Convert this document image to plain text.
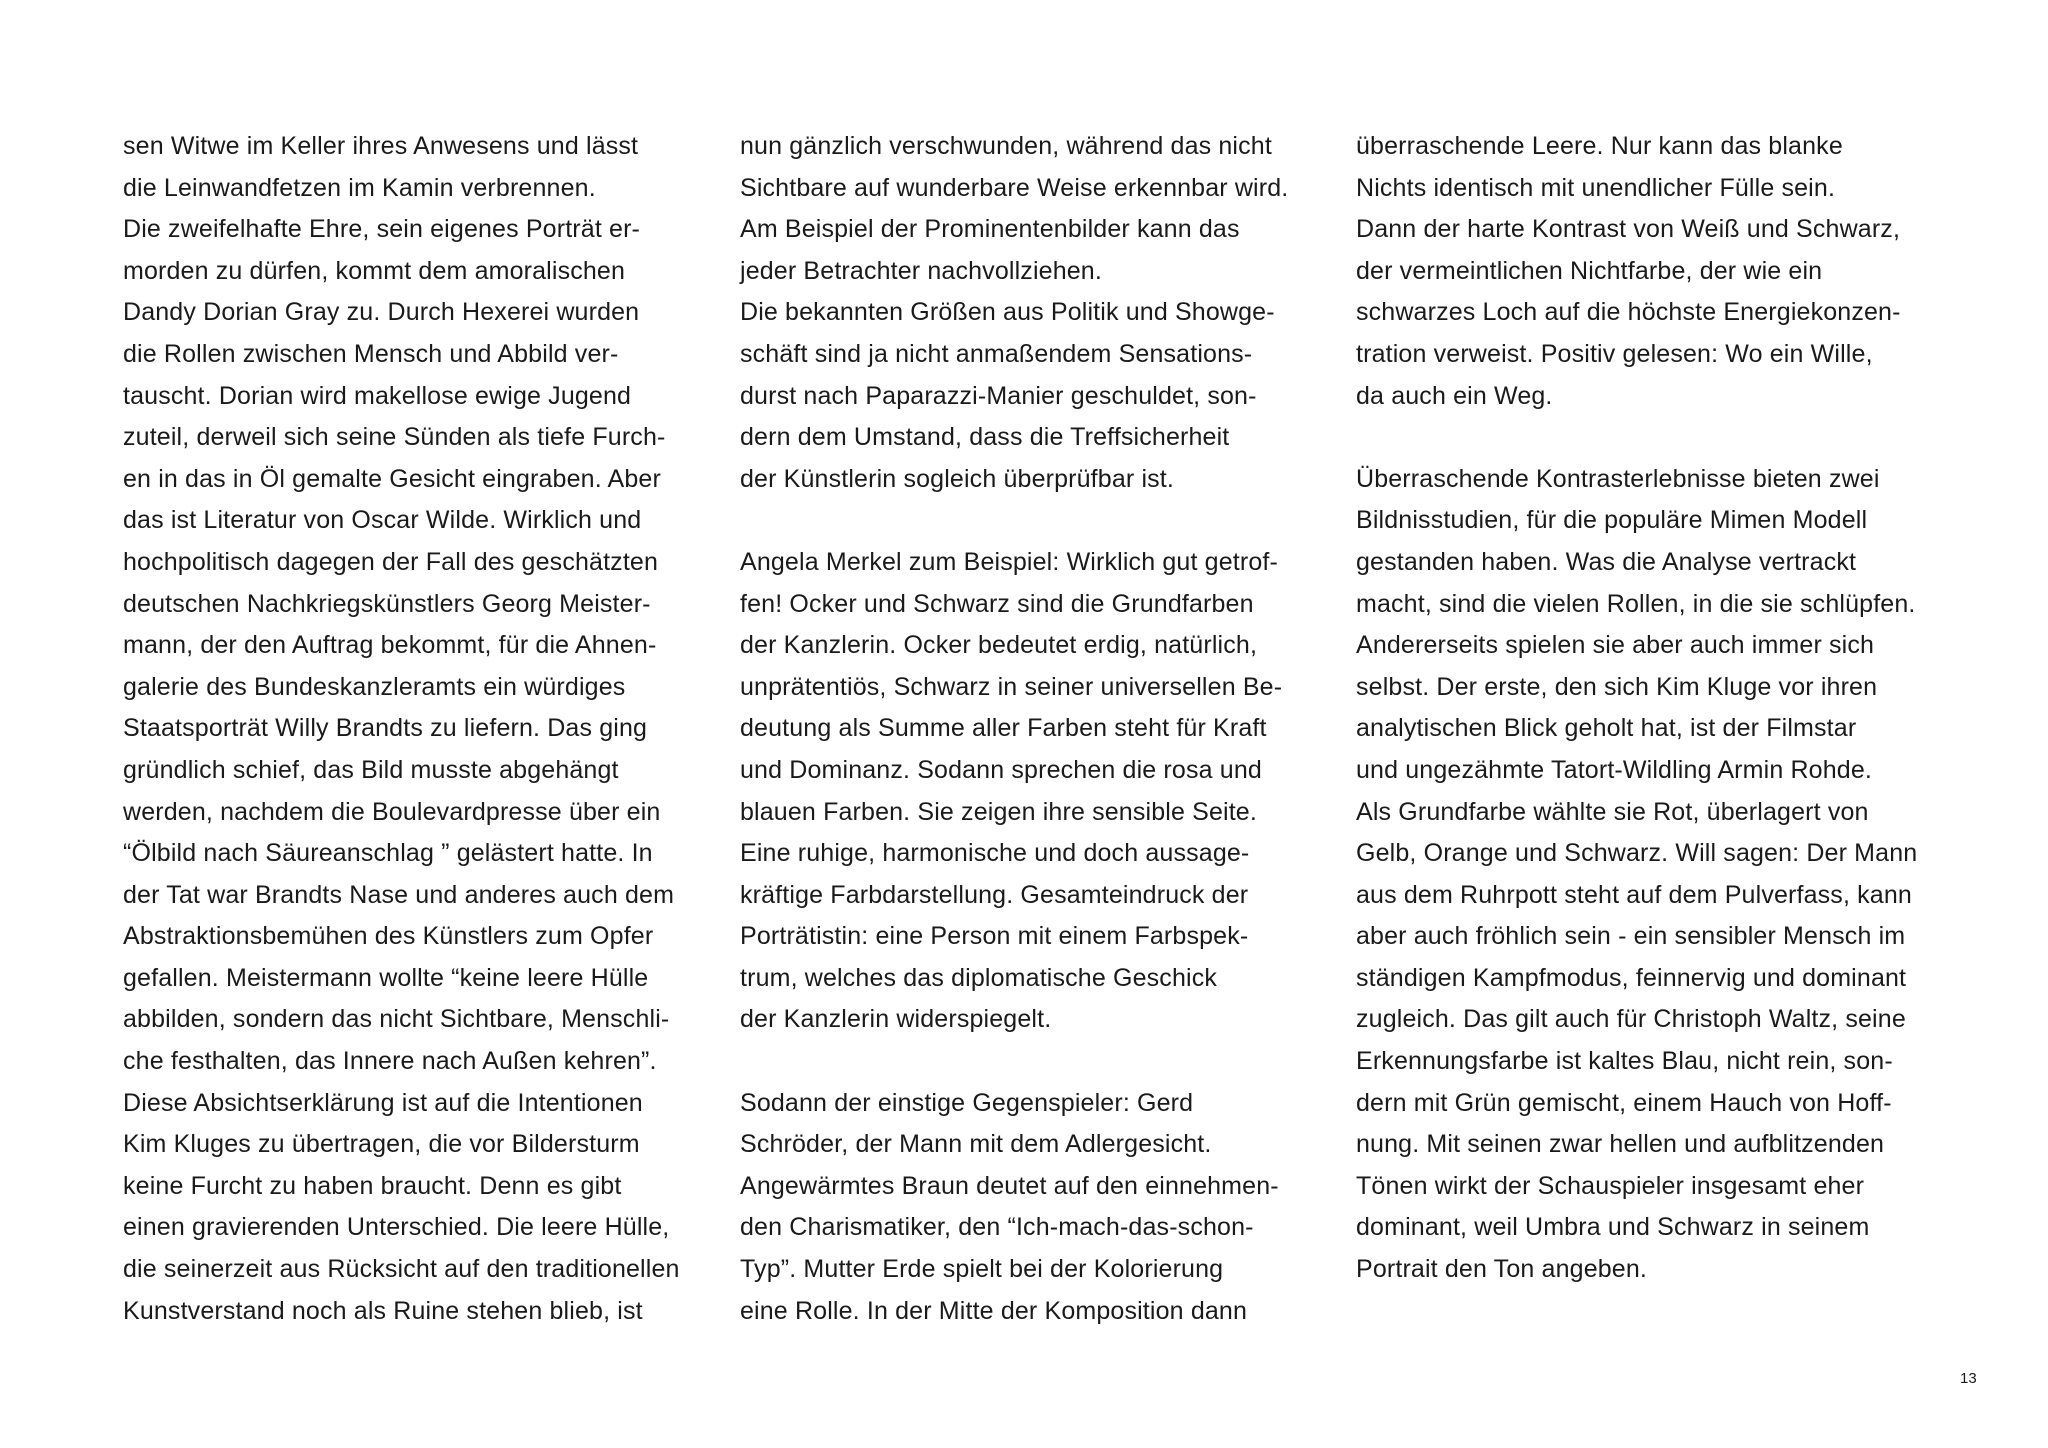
sen Witwe im Keller ihres Anwesens und lässt
die Leinwandfetzen im Kamin verbrennen.
Die zweifelhafte Ehre, sein eigenes Porträt er-
morden zu dürfen, kommt dem amoralischen
Dandy Dorian Gray zu. Durch Hexerei wurden
die Rollen zwischen Mensch und Abbild ver-
tauscht. Dorian wird makellose ewige Jugend
zuteil, derweil sich seine Sünden als tiefe Furch-
en in das in Öl gemalte Gesicht eingraben. Aber
das ist Literatur von Oscar Wilde. Wirklich und
hochpolitisch dagegen der Fall des geschätzten
deutschen Nachkriegskünstlers Georg Meister-
mann, der den Auftrag bekommt, für die Ahnen-
galerie des Bundeskanzleramts ein würdiges
Staatsporträt Willy Brandts zu liefern. Das ging
gründlich schief, das Bild musste abgehängt
werden, nachdem die Boulevardpresse über ein
“Ölbild nach Säureanschlag ” gelästert hatte. In
der Tat war Brandts Nase und anderes auch dem
Abstraktionsbemühen des Künstlers zum Opfer
gefallen. Meistermann wollte “keine leere Hülle
abbilden, sondern das nicht Sichtbare, Menschli-
che festhalten, das Innere nach Außen kehren”.
Diese Absichtserklärung ist auf die Intentionen
Kim Kluges zu übertragen, die vor Bildersturm
keine Furcht zu haben braucht. Denn es gibt
einen gravierenden Unterschied. Die leere Hülle,
die seinerzeit aus Rücksicht auf den traditionellen
Kunstverstand noch als Ruine stehen blieb, ist
nun gänzlich verschwunden, während das nicht
Sichtbare auf wunderbare Weise erkennbar wird.
Am Beispiel der Prominentenbilder kann das
jeder Betrachter nachvollziehen.
Die bekannten Größen aus Politik und Showge-
schäft sind ja nicht anmaßendem Sensations-
durst nach Paparazzi-Manier geschuldet, son-
dern dem Umstand, dass die Treffsicherheit
der Künstlerin sogleich überprüfbar ist.
Angela Merkel zum Beispiel: Wirklich gut getrof-
fen! Ocker und Schwarz sind die Grundfarben
der Kanzlerin. Ocker bedeutet erdig, natürlich,
unprätentiös, Schwarz in seiner universellen Be-
deutung als Summe aller Farben steht für Kraft
und Dominanz. Sodann sprechen die rosa und
blauen Farben. Sie zeigen ihre sensible Seite.
Eine ruhige, harmonische und doch aussage-
kräftige Farbdarstellung. Gesamteindruck der
Porträtistin: eine Person mit einem Farbspek-
trum, welches das diplomatische Geschick
der Kanzlerin widerspiegelt.
Sodann der einstige Gegenspieler: Gerd
Schröder, der Mann mit dem Adlergesicht.
Angewärmtes Braun deutet auf den einnehmen-
den Charismatiker, den “Ich-mach-das-schon-
Typ”. Mutter Erde spielt bei der Kolorierung
eine Rolle. In der Mitte der Komposition dann
überraschende Leere. Nur kann das blanke
Nichts identisch mit unendlicher Fülle sein.
Dann der harte Kontrast von Weiß und Schwarz,
der vermeintlichen Nichtfarbe, der wie ein
schwarzes Loch auf die höchste Energiekonzen-
tration verweist. Positiv gelesen: Wo ein Wille,
da auch ein Weg.
Überraschende Kontrasterlebnisse bieten zwei
Bildnisstudien, für die populäre Mimen Modell
gestanden haben. Was die Analyse vertrackt
macht, sind die vielen Rollen, in die sie schlüpfen.
Andererseits spielen sie aber auch immer sich
selbst. Der erste, den sich Kim Kluge vor ihren
analytischen Blick geholt hat, ist der Filmstar
und ungezähmte Tatort-Wildling Armin Rohde.
Als Grundfarbe wählte sie Rot, überlagert von
Gelb, Orange und Schwarz. Will sagen: Der Mann
aus dem Ruhrpott steht auf dem Pulverfass, kann
aber auch fröhlich sein - ein sensibler Mensch im
ständigen Kampfmodus, feinnervig und dominant
zugleich. Das gilt auch für Christoph Waltz, seine
Erkennungsfarbe ist kaltes Blau, nicht rein, son-
dern mit Grün gemischt, einem Hauch von Hoff-
nung. Mit seinen zwar hellen und aufblitzenden
Tönen wirkt der Schauspieler insgesamt eher
dominant, weil Umbra und Schwarz in seinem
Portrait den Ton angeben.
13
